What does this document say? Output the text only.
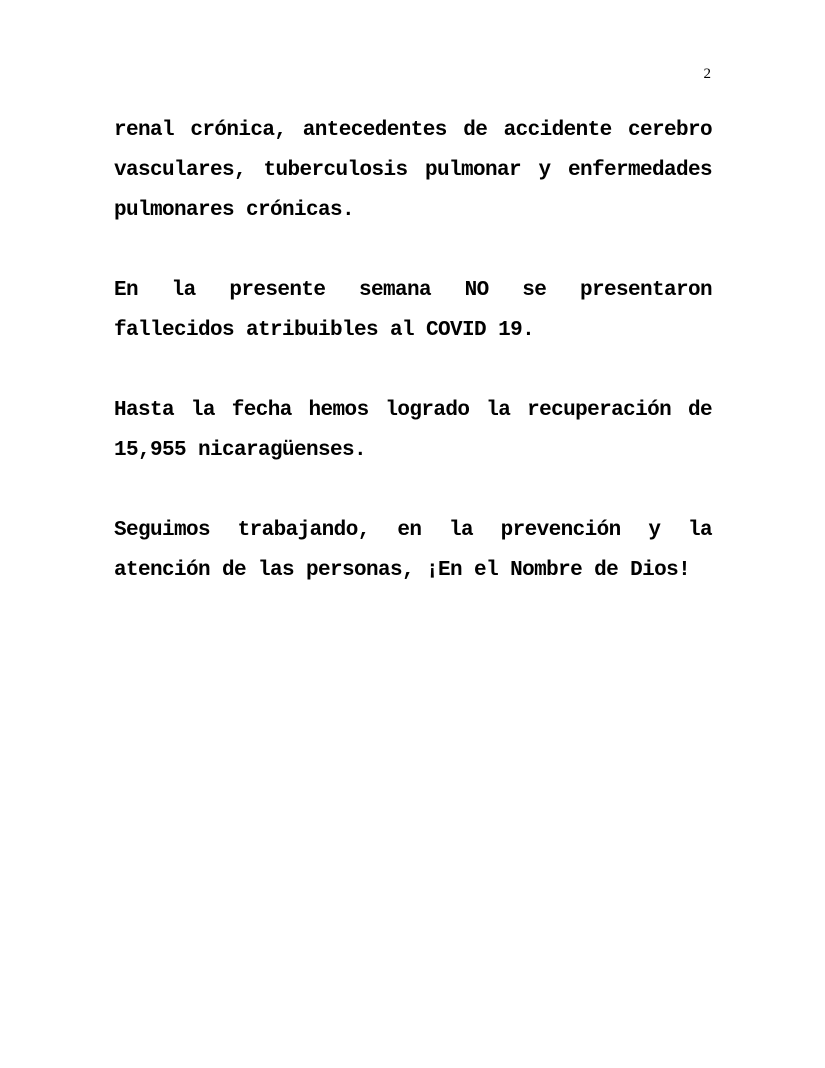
2

renal crónica, antecedentes de accidente cerebro vasculares, tuberculosis pulmonar y enfermedades pulmonares crónicas.

En la presente semana NO se presentaron fallecidos atribuibles al COVID 19.

Hasta la fecha hemos logrado la recuperación de 15,955 nicaragüenses.

Seguimos trabajando, en la prevención y la atención de las personas, ¡En el Nombre de Dios!
